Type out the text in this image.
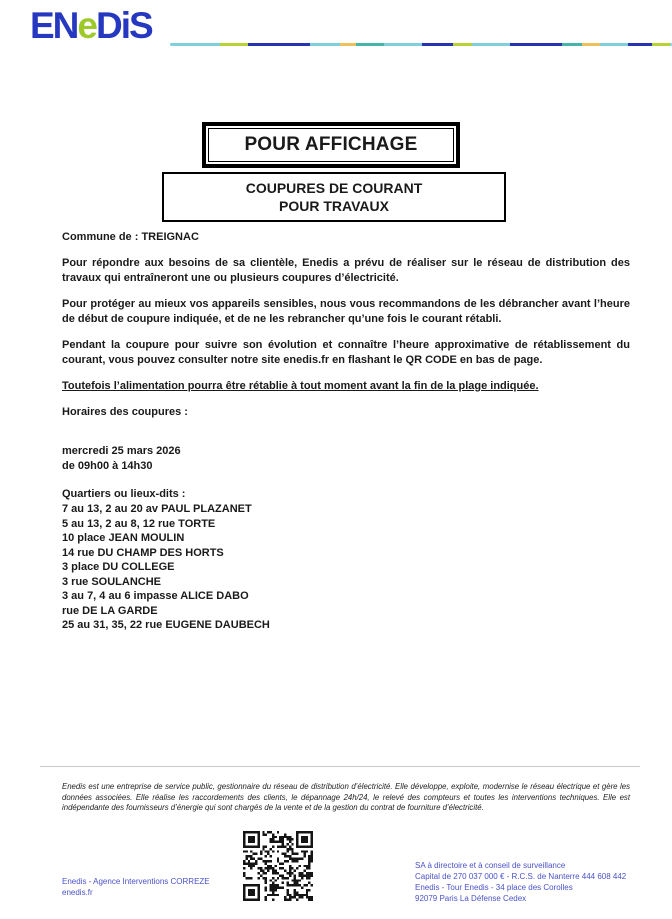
ENeDiS
POUR AFFICHAGE
COUPURES DE COURANT
POUR TRAVAUX

Commune de : TREIGNAC

Pour répondre aux besoins de sa clientèle, Enedis a prévu de réaliser sur le réseau de distribution des travaux qui entraîneront une ou plusieurs coupures d’électricité.

Pour protéger au mieux vos appareils sensibles, nous vous recommandons de les débrancher avant l’heure de début de coupure indiquée, et de ne les rebrancher qu’une fois le courant rétabli.

Pendant la coupure pour suivre son évolution et connaître l’heure approximative de rétablissement du courant, vous pouvez consulter notre site enedis.fr en flashant le QR CODE en bas de page.

Toutefois l’alimentation pourra être rétablie à tout moment avant la fin de la plage indiquée.

Horaires des coupures :

mercredi 25 mars 2026

de 09h00 à 14h30

Quartiers ou lieux-dits :

7 au 13, 2 au 20 av PAUL PLAZANET

5 au 13, 2 au 8, 12 rue TORTE

10 place JEAN MOULIN

14 rue DU CHAMP DES HORTS

3 place DU COLLEGE

3 rue SOULANCHE

3 au 7, 4 au 6 impasse ALICE DABO

rue DE LA GARDE

25 au 31, 35, 22 rue EUGENE DAUBECH

Enedis est une entreprise de service public, gestionnaire du réseau de distribution d’électricité. Elle développe, exploite, modernise le réseau électrique et gère les données associées. Elle réalise les raccordements des clients, le dépannage 24h/24, le relevé des compteurs et toutes les interventions techniques. Elle est indépendante des fournisseurs d’énergie qui sont chargés de la vente et de la gestion du contrat de fourniture d’électricité.
Enedis - Agence Interventions CORREZE
enedis.fr
SA à directoire et à conseil de surveillance
Capital de 270 037 000 € - R.C.S. de Nanterre 444 608 442
Enedis - Tour Enedis - 34 place des Corolles
92079 Paris La Défense Cedex
